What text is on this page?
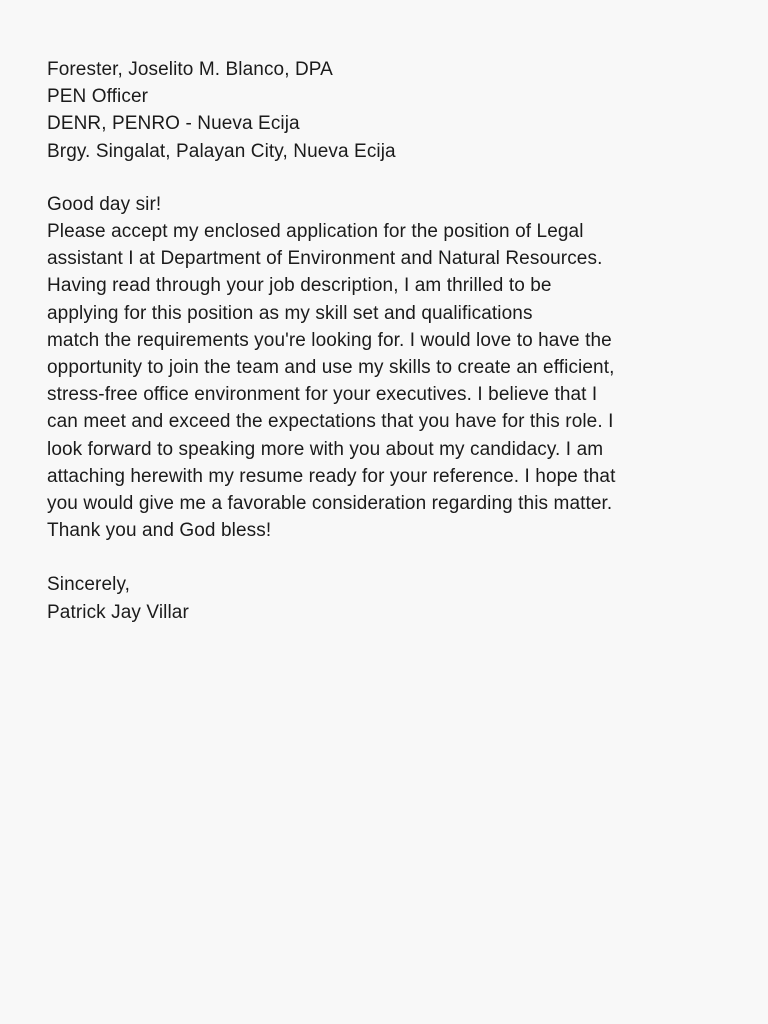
Forester, Joselito M. Blanco, DPA
PEN Officer
DENR, PENRO - Nueva Ecija
Brgy. Singalat, Palayan City, Nueva Ecija
Good day sir!
Please accept my enclosed application for the position of Legal
assistant I at Department of Environment and Natural Resources.
Having read through your job description, I am thrilled to be
applying for this position as my skill set and qualifications
match the requirements you're looking for. I would love to have the
opportunity to join the team and use my skills to create an efficient,
stress-free office environment for your executives. I believe that I
can meet and exceed the expectations that you have for this role. I
look forward to speaking more with you about my candidacy. I am
attaching herewith my resume ready for your reference. I hope that
you would give me a favorable consideration regarding this matter.
Thank you and God bless!
Sincerely,
Patrick Jay Villar
